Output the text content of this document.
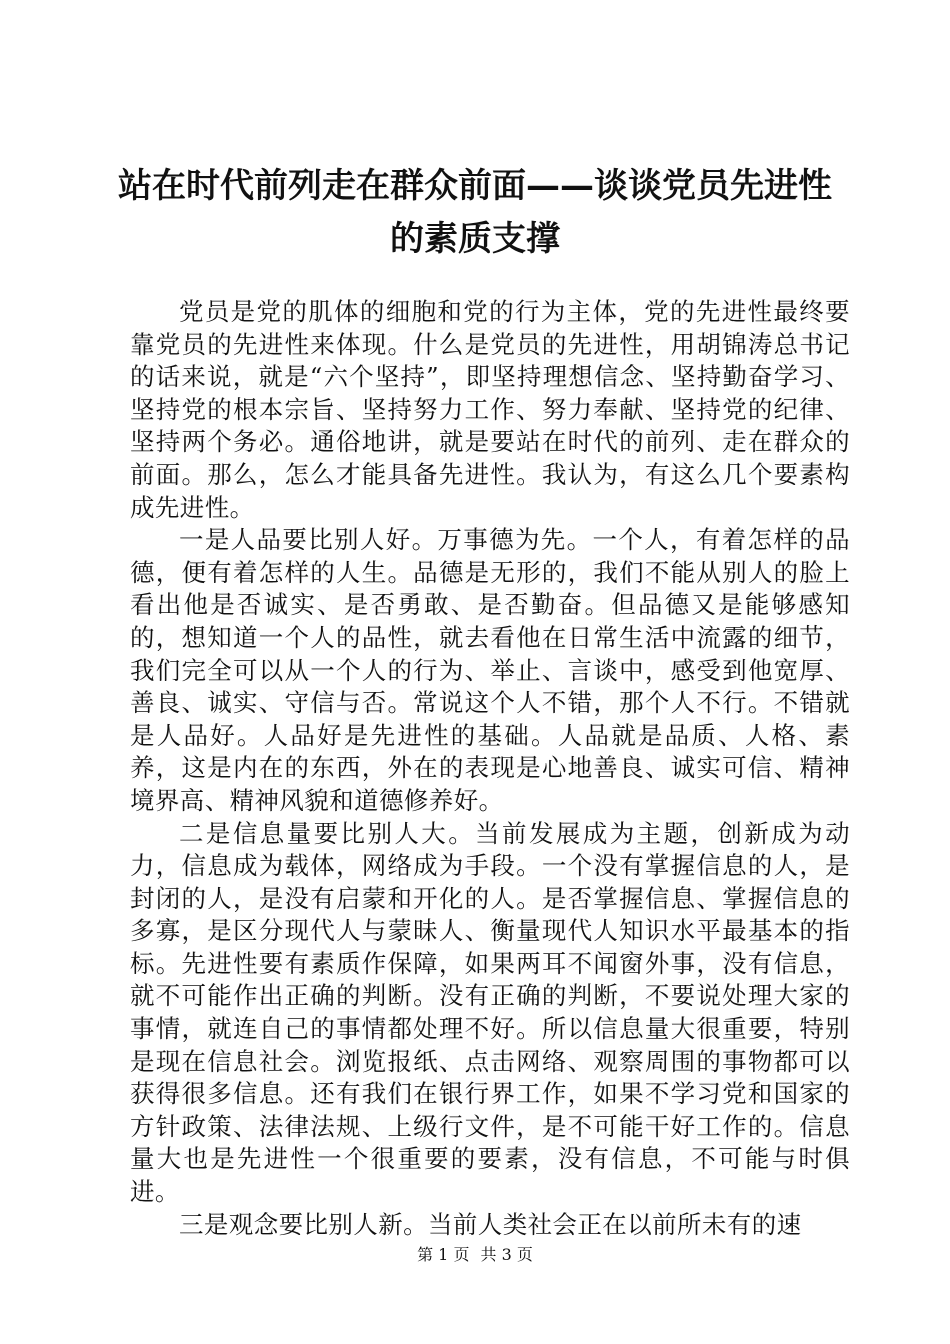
站在时代前列走在群众前面——谈谈党员先进性的素质支撑

党员是党的肌体的细胞和党的行为主体，党的先进性最终要靠党员的先进性来体现。什么是党员的先进性，用胡锦涛总书记的话来说，就是“六个坚持”，即坚持理想信念、坚持勤奋学习、坚持党的根本宗旨、坚持努力工作、努力奉献、坚持党的纪律、坚持两个务必。通俗地讲，就是要站在时代的前列、走在群众的前面。那么，怎么才能具备先进性。我认为，有这么几个要素构成先进性。

一是人品要比别人好。万事德为先。一个人，有着怎样的品德，便有着怎样的人生。品德是无形的，我们不能从别人的脸上看出他是否诚实、是否勇敢、是否勤奋。但品德又是能够感知的，想知道一个人的品性，就去看他在日常生活中流露的细节，我们完全可以从一个人的行为、举止、言谈中，感受到他宽厚、善良、诚实、守信与否。常说这个人不错，那个人不行。不错就是人品好。人品好是先进性的基础。人品就是品质、人格、素养，这是内在的东西，外在的表现是心地善良、诚实可信、精神境界高、精神风貌和道德修养好。

二是信息量要比别人大。当前发展成为主题，创新成为动力，信息成为载体，网络成为手段。一个没有掌握信息的人，是封闭的人，是没有启蒙和开化的人。是否掌握信息、掌握信息的多寡，是区分现代人与蒙昧人、衡量现代人知识水平最基本的指标。先进性要有素质作保障，如果两耳不闻窗外事，没有信息，就不可能作出正确的判断。没有正确的判断，不要说处理大家的事情，就连自己的事情都处理不好。所以信息量大很重要，特别是现在信息社会。浏览报纸、点击网络、观察周围的事物都可以获得很多信息。还有我们在银行界工作，如果不学习党和国家的方针政策、法律法规、上级行文件，是不可能干好工作的。信息量大也是先进性一个很重要的要素，没有信息，不可能与时俱进。

三是观念要比别人新。当前人类社会正在以前所未有的速

第 1 页 共 3 页
